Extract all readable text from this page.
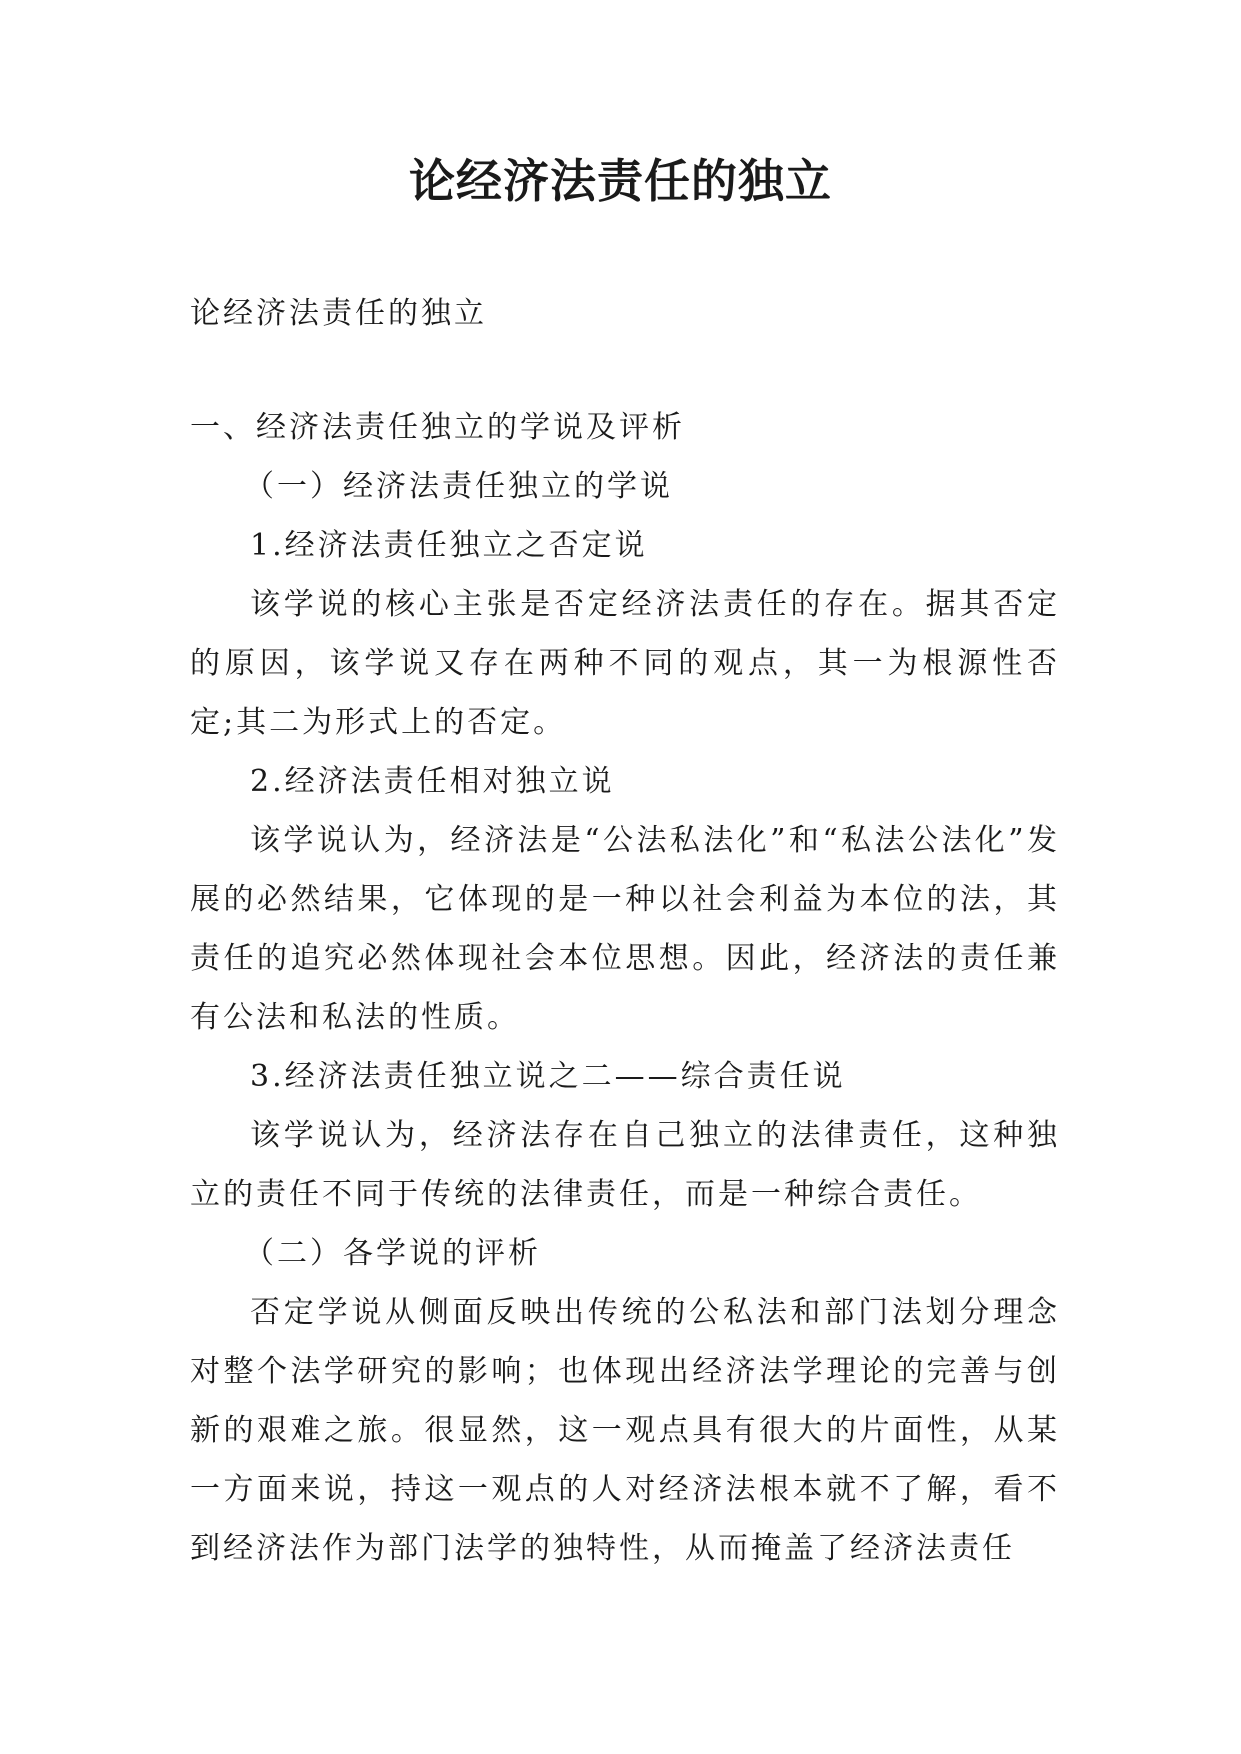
论经济法责任的独立

论经济法责任的独立

一、经济法责任独立的学说及评析

（一）经济法责任独立的学说

1.经济法责任独立之否定说

该学说的核心主张是否定经济法责任的存在。据其否定的原因，该学说又存在两种不同的观点，其一为根源性否定;其二为形式上的否定。

2.经济法责任相对独立说

该学说认为，经济法是“公法私法化”和“私法公法化”发展的必然结果，它体现的是一种以社会利益为本位的法，其责任的追究必然体现社会本位思想。因此，经济法的责任兼有公法和私法的性质。

3.经济法责任独立说之二——综合责任说

该学说认为，经济法存在自己独立的法律责任，这种独立的责任不同于传统的法律责任，而是一种综合责任。

（二）各学说的评析

否定学说从侧面反映出传统的公私法和部门法划分理念对整个法学研究的影响；也体现出经济法学理论的完善与创新的艰难之旅。很显然，这一观点具有很大的片面性，从某一方面来说，持这一观点的人对经济法根本就不了解，看不到经济法作为部门法学的独特性，从而掩盖了经济法责任
